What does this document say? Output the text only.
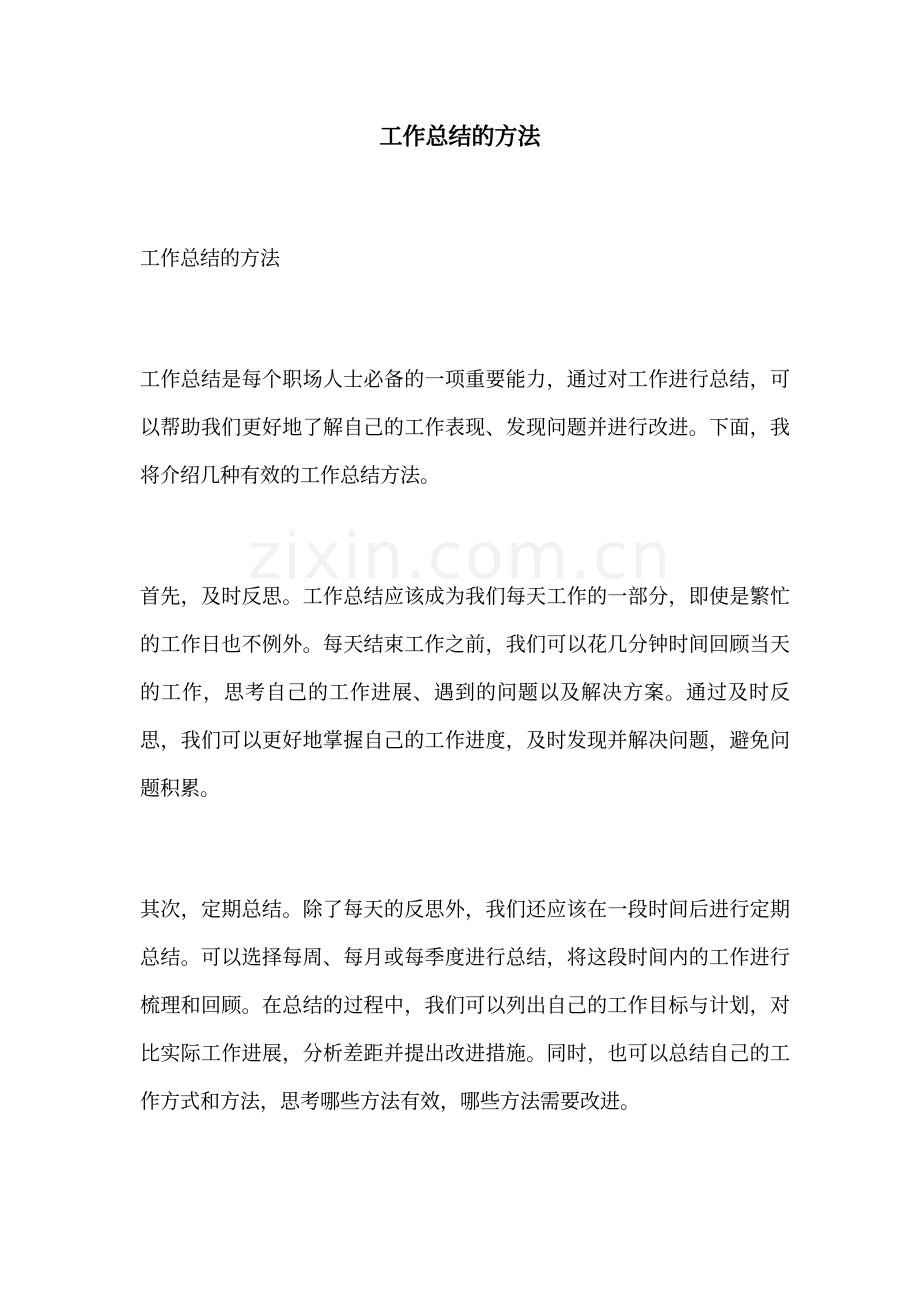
zixin.com.cn
工作总结的方法

工作总结的方法

工作总结是每个职场人士必备的一项重要能力，通过对工作进行总结，可以帮助我们更好地了解自己的工作表现、发现问题并进行改进。下面，我将介绍几种有效的工作总结方法。

首先，及时反思。工作总结应该成为我们每天工作的一部分，即使是繁忙的工作日也不例外。每天结束工作之前，我们可以花几分钟时间回顾当天的工作，思考自己的工作进展、遇到的问题以及解决方案。通过及时反思，我们可以更好地掌握自己的工作进度，及时发现并解决问题，避免问题积累。

其次，定期总结。除了每天的反思外，我们还应该在一段时间后进行定期总结。可以选择每周、每月或每季度进行总结，将这段时间内的工作进行梳理和回顾。在总结的过程中，我们可以列出自己的工作目标与计划，对比实际工作进展，分析差距并提出改进措施。同时，也可以总结自己的工作方式和方法，思考哪些方法有效，哪些方法需要改进。
